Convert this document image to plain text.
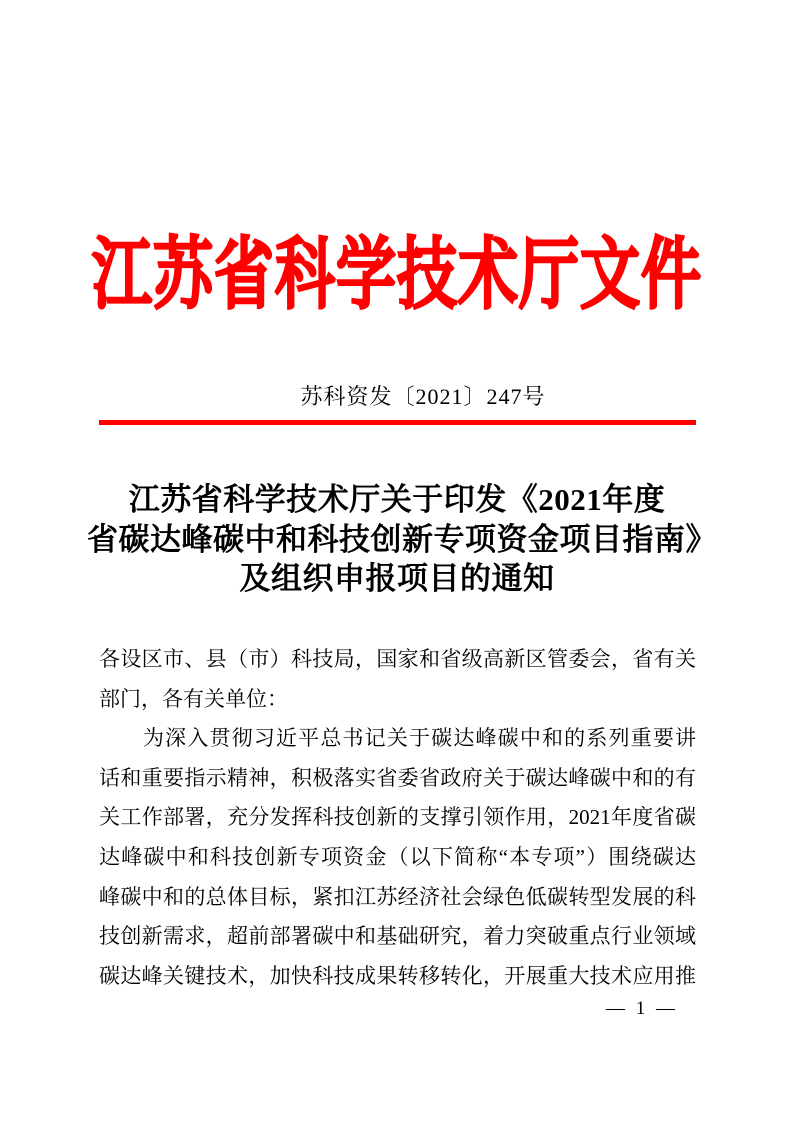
江苏省科学技术厅文件
苏科资发〔2021〕247号
江苏省科学技术厅关于印发《2021年度
省碳达峰碳中和科技创新专项资金项目指南》
及组织申报项目的通知
各设区市、县（市）科技局，国家和省级高新区管委会，省有关
部门，各有关单位：
为深入贯彻习近平总书记关于碳达峰碳中和的系列重要讲
话和重要指示精神，积极落实省委省政府关于碳达峰碳中和的有
关工作部署，充分发挥科技创新的支撑引领作用，2021年度省碳
达峰碳中和科技创新专项资金（以下简称“本专项”）围绕碳达
峰碳中和的总体目标，紧扣江苏经济社会绿色低碳转型发展的科
技创新需求，超前部署碳中和基础研究，着力突破重点行业领域
碳达峰关键技术，加快科技成果转移转化，开展重大技术应用推
— 1 —
